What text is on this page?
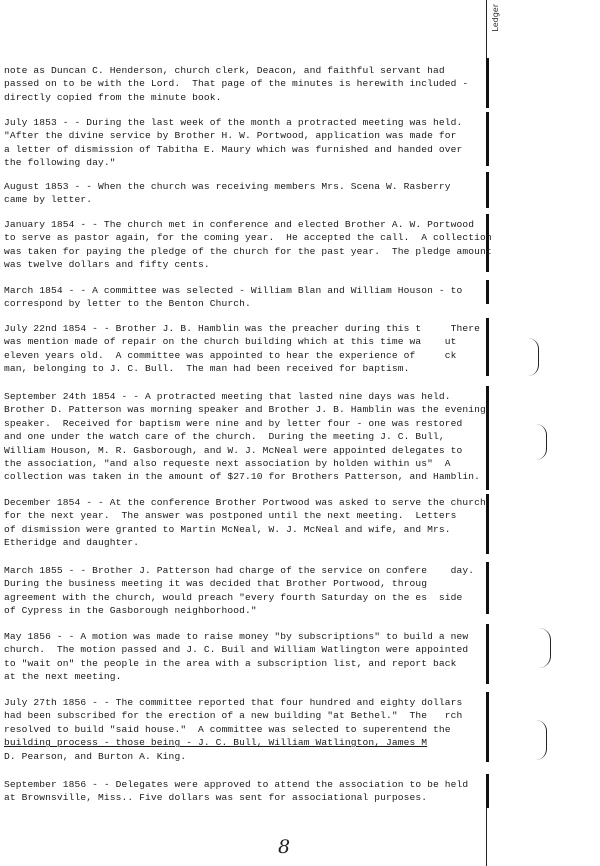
Ledger

note as Duncan C. Henderson, church clerk, Deacon, and faithful servant had
passed on to be with the Lord.  That page of the minutes is herewith included -
directly copied from the minute book.

July 1853 - - During the last week of the month a protracted meeting was held.
"After the divine service by Brother H. W. Portwood, application was made for
a letter of dismission of Tabitha E. Maury which was furnished and handed over
the following day."

August 1853 - - When the church was receiving members Mrs. Scena W. Rasberry
came by letter.

January 1854 - - The church met in conference and elected Brother A. W. Portwood
to serve as pastor again, for the coming year.  He accepted the call.  A collection
was taken for paying the pledge of the church for the past year.  The pledge amount
was twelve dollars and fifty cents.

March 1854 - - A committee was selected - William Blan and William Houson - to
correspond by letter to the Benton Church.

July 22nd 1854 - - Brother J. B. Hamblin was the preacher during this t     There
was mention made of repair on the church building which at this time wa    ut
eleven years old.  A committee was appointed to hear the experience of     ck
man, belonging to J. C. Bull.  The man had been received for baptism.

September 24th 1854 - - A protracted meeting that lasted nine days was held.
Brother D. Patterson was morning speaker and Brother J. B. Hamblin was the evening
speaker.  Received for baptism were nine and by letter four - one was restored
and one under the watch care of the church.  During the meeting J. C. Bull,
William Houson, M. R. Gasborough, and W. J. McNeal were appointed delegates to
the association, "and also requeste next association by holden within us"  A
collection was taken in the amount of $27.10 for Brothers Patterson, and Hamblin.

December 1854 - - At the conference Brother Portwood was asked to serve the church
for the next year.  The answer was postponed until the next meeting.  Letters
of dismission were granted to Martin McNeal, W. J. McNeal and wife, and Mrs.
Etheridge and daughter.

March 1855 - - Brother J. Patterson had charge of the service on confere    day.
During the business meeting it was decided that Brother Portwood, throug
agreement with the church, would preach "every fourth Saturday on the es  side
of Cypress in the Gasborough neighborhood."

May 1856 - - A motion was made to raise money "by subscriptions" to build a new
church.  The motion passed and J. C. Buil and William Watlington were appointed
to "wait on" the people in the area with a subscription list, and report back
at the next meeting.

July 27th 1856 - - The committee reported that four hundred and eighty dollars
had been subscribed for the erection of a new building "at Bethel."  The   rch
resolved to build "said house."  A committee was selected to superentend the
building process - those being - J. C. Bull, William Watlington, James M
D. Pearson, and Burton A. King.

September 1856 - - Delegates were approved to attend the association to be held
at Brownsville, Miss.. Five dollars was sent for associational purposes.

8
